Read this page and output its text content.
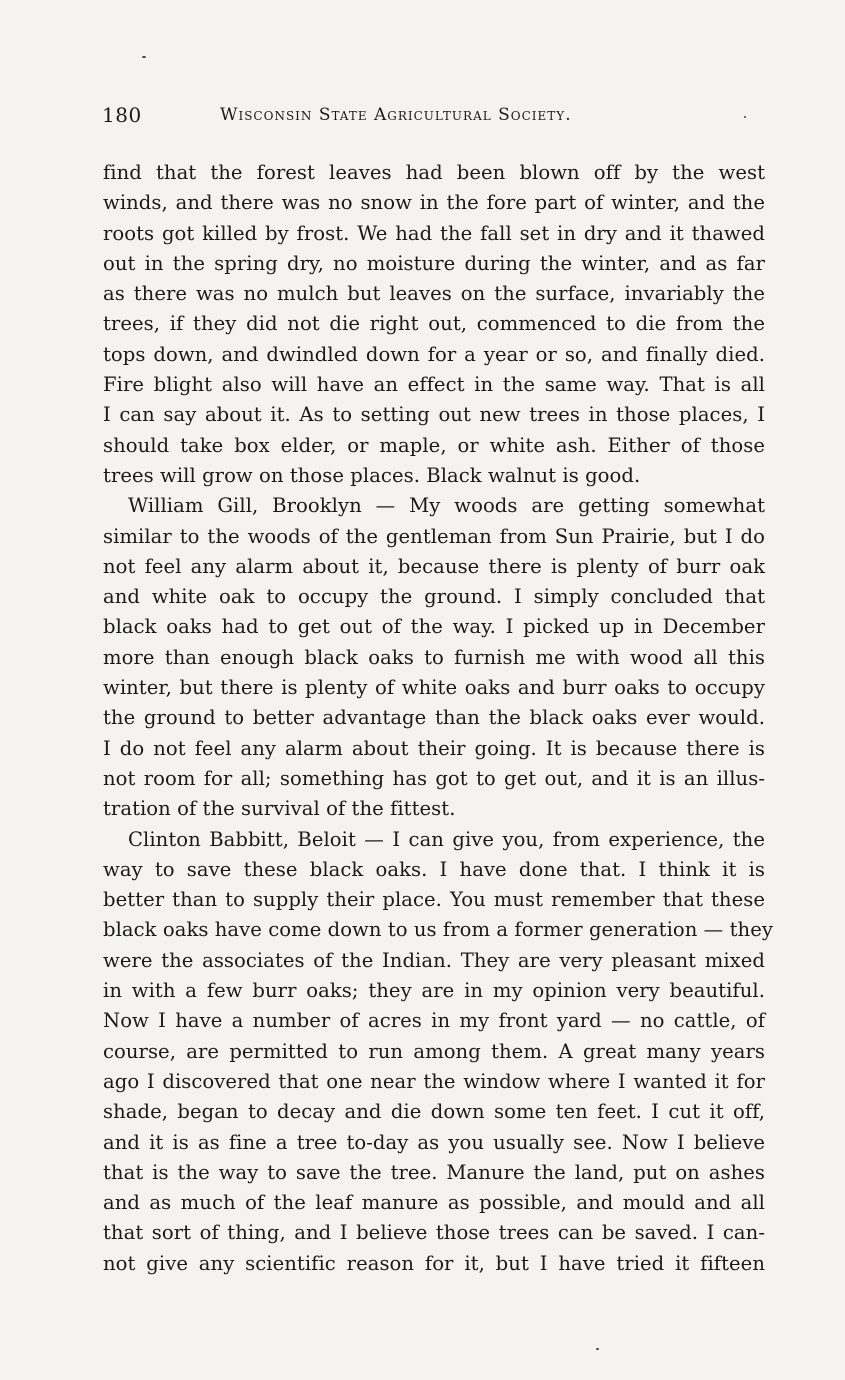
180	Wisconsin State Agricultural Society.
find that the forest leaves had been blown off by the west
winds, and there was no snow in the fore part of winter, and the
roots got killed by frost. We had the fall set in dry and it thawed
out in the spring dry, no moisture during the winter, and as far
as there was no mulch but leaves on the surface, invariably the
trees, if they did not die right out, commenced to die from the
tops down, and dwindled down for a year or so, and finally died.
Fire blight also will have an effect in the same way. That is all
I can say about it. As to setting out new trees in those places, I
should take box elder, or maple, or white ash. Either of those
trees will grow on those places. Black walnut is good.
William Gill, Brooklyn — My woods are getting somewhat
similar to the woods of the gentleman from Sun Prairie, but I do
not feel any alarm about it, because there is plenty of burr oak
and white oak to occupy the ground. I simply concluded that
black oaks had to get out of the way. I picked up in December
more than enough black oaks to furnish me with wood all this
winter, but there is plenty of white oaks and burr oaks to occupy
the ground to better advantage than the black oaks ever would.
I do not feel any alarm about their going. It is because there is
not room for all; something has got to get out, and it is an illus-
tration of the survival of the fittest.
Clinton Babbitt, Beloit — I can give you, from experience, the
way to save these black oaks. I have done that. I think it is
better than to supply their place. You must remember that these
black oaks have come down to us from a former generation — they
were the associates of the Indian. They are very pleasant mixed
in with a few burr oaks; they are in my opinion very beautiful.
Now I have a number of acres in my front yard — no cattle, of
course, are permitted to run among them. A great many years
ago I discovered that one near the window where I wanted it for
shade, began to decay and die down some ten feet. I cut it off,
and it is as fine a tree to-day as you usually see. Now I believe
that is the way to save the tree. Manure the land, put on ashes
and as much of the leaf manure as possible, and mould and all
that sort of thing, and I believe those trees can be saved. I can-
not give any scientific reason for it, but I have tried it fifteen
